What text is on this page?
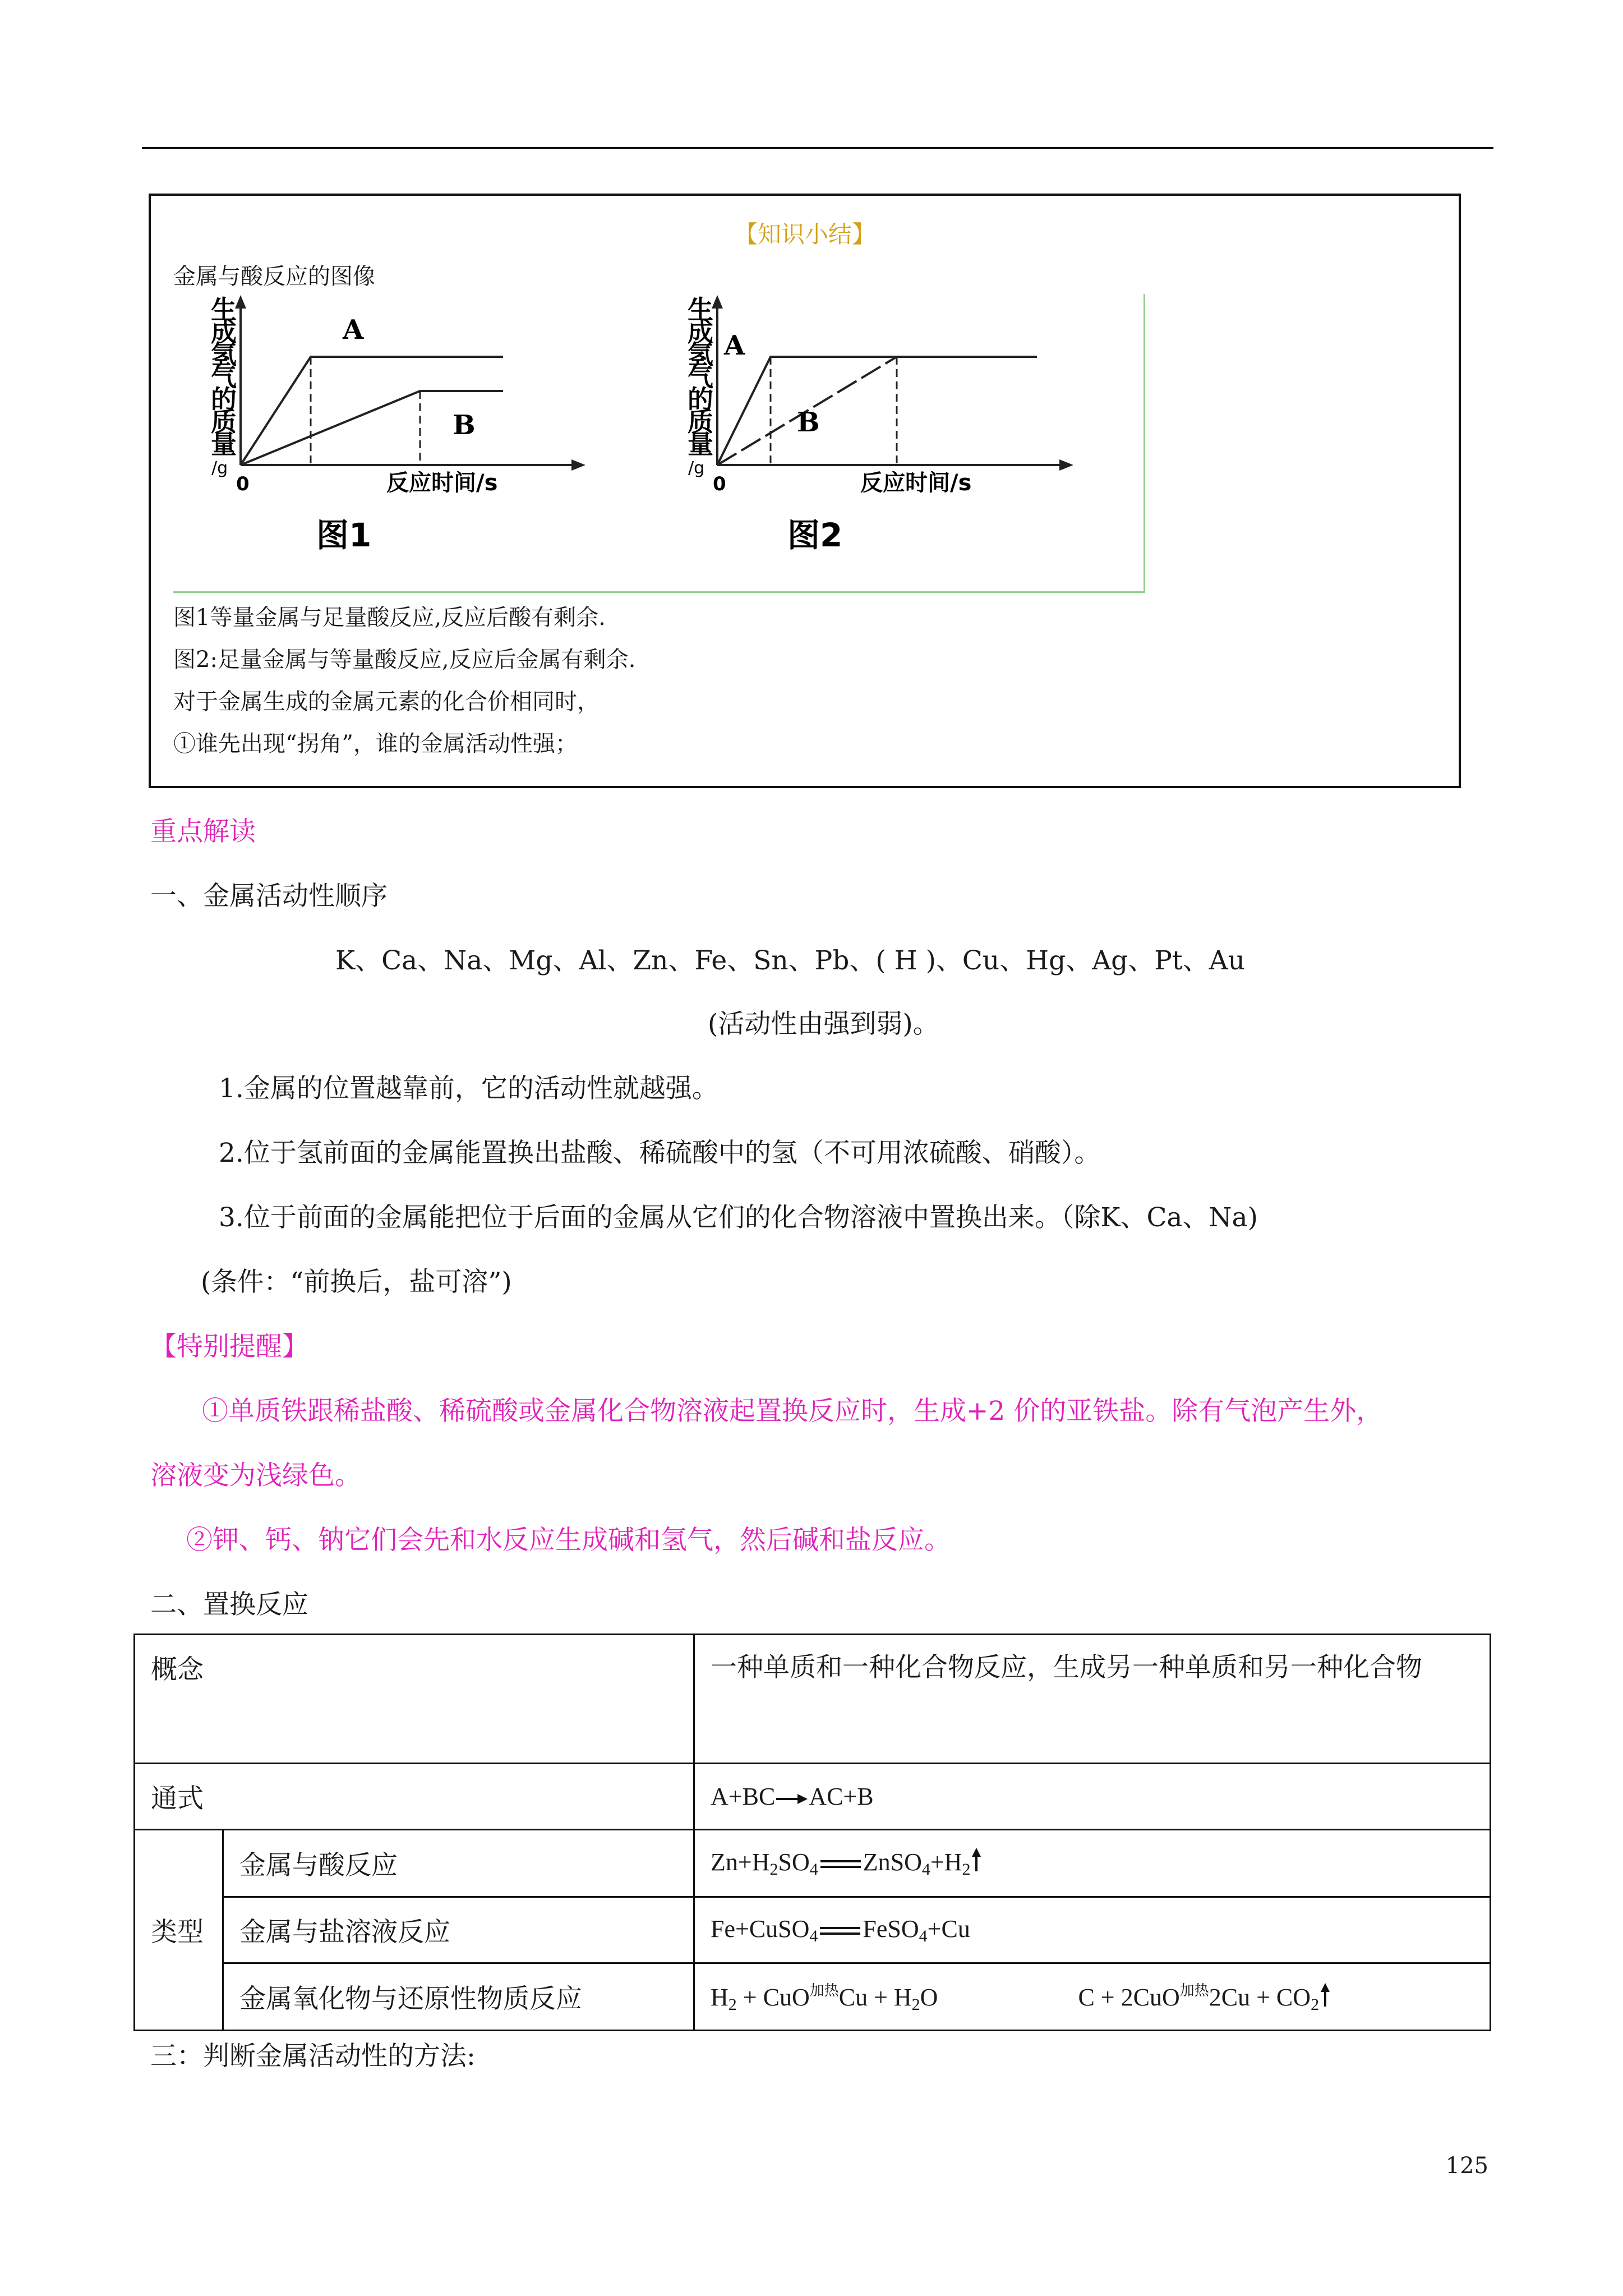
【知识小结】
金属与酸反应的图像
生
成
氢
气
的
质
量
/g
0	反应时间/s
图1
A
B
生
成
氢
气
的
质
量
/g
0	反应时间/s
图2
A
B
图1等量金属与足量酸反应,反应后酸有剩余.
图2:足量金属与等量酸反应,反应后金属有剩余.
对于金属生成的金属元素的化合价相同时，
①谁先出现“拐角”，谁的金属活动性强；
重点解读
一、金属活动性顺序
K、Ca、Na、Mg、Al、Zn、Fe、Sn、Pb、( H )、Cu、Hg、Ag、Pt、Au
(活动性由强到弱)。
1.金属的位置越靠前，它的活动性就越强。
2.位于氢前面的金属能置换出盐酸、稀硫酸中的氢（不可用浓硫酸、硝酸）。
3.位于前面的金属能把位于后面的金属从它们的化合物溶液中置换出来。（除K、Ca、Na)
(条件：“前换后，盐可溶”)
【特别提醒】
①单质铁跟稀盐酸、稀硫酸或金属化合物溶液起置换反应时，生成+2 价的亚铁盐。除有气泡产生外，
溶液变为浅绿色。
②钾、钙、钠它们会先和水反应生成碱和氢气，然后碱和盐反应。
二、置换反应
概念		一种单质和一种化合物反应，生成另一种单质和另一种化合物
通式		A+BC AC+B
类型	金属与酸反应	$Zn+H_2SO_4$ $ZnSO_4+H_2$
	金属与盐溶液反应	Fe+CuSO$_4$ FeSO$_4$+Cu
	金属氧化物与还原性物质反应	$H_2 + CuO^{加热}Cu + H_2O$ $C + 2CuO^{加热}2Cu + CO_2$
三：判断金属活动性的方法:
125
